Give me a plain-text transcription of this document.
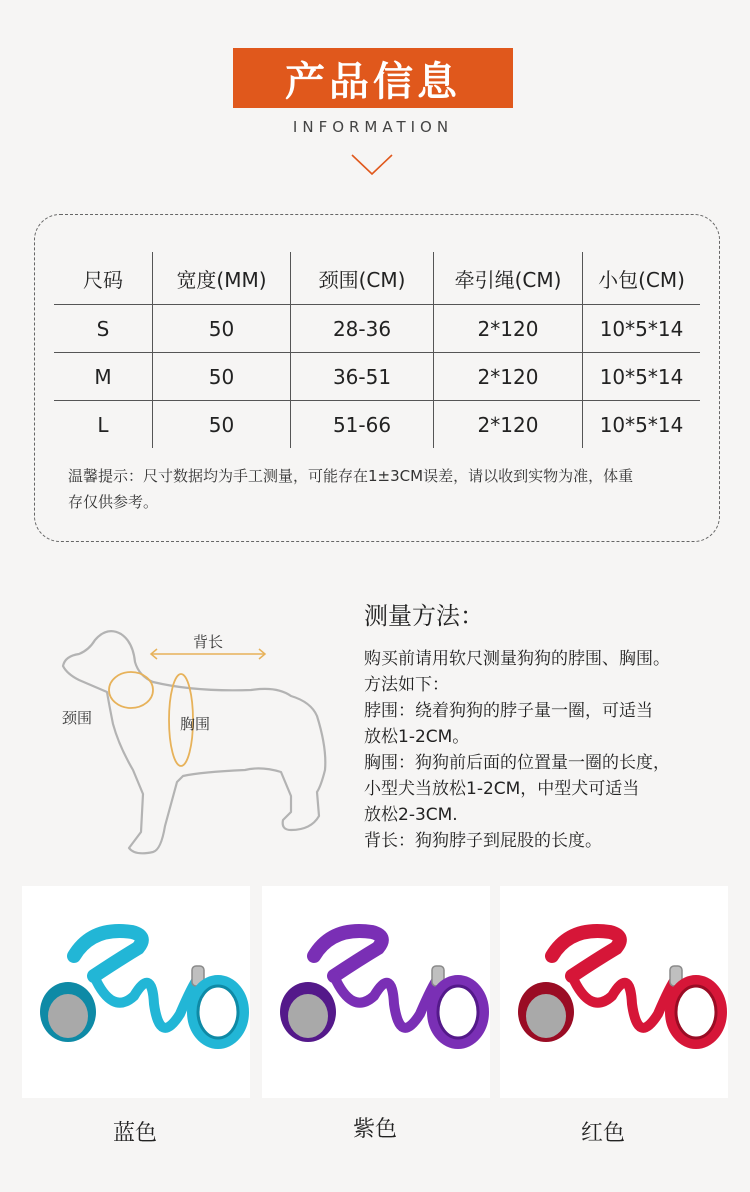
产品信息
INFORMATION
尺码	宽度(MM)	颈围(CM)	牵引绳(CM)	小包(CM)
S	50	28-36	2*120	10*5*14
M	50	36-51	2*120	10*5*14
L	50	51-66	2*120	10*5*14
温馨提示：尺寸数据均为手工测量，可能存在1±3CM误差，请以收到实物为准，体重
存仅供参考。
背长
颈围	胸围
测量方法：
购买前请用软尺测量狗狗的脖围、胸围。
方法如下：
脖围：绕着狗狗的脖子量一圈，可适当
放松1-2CM。
胸围：狗狗前后面的位置量一圈的长度，
小型犬当放松1-2CM，中型犬可适当
放松2-3CM.
背长：狗狗脖子到屁股的长度。
蓝色	紫色	红色
